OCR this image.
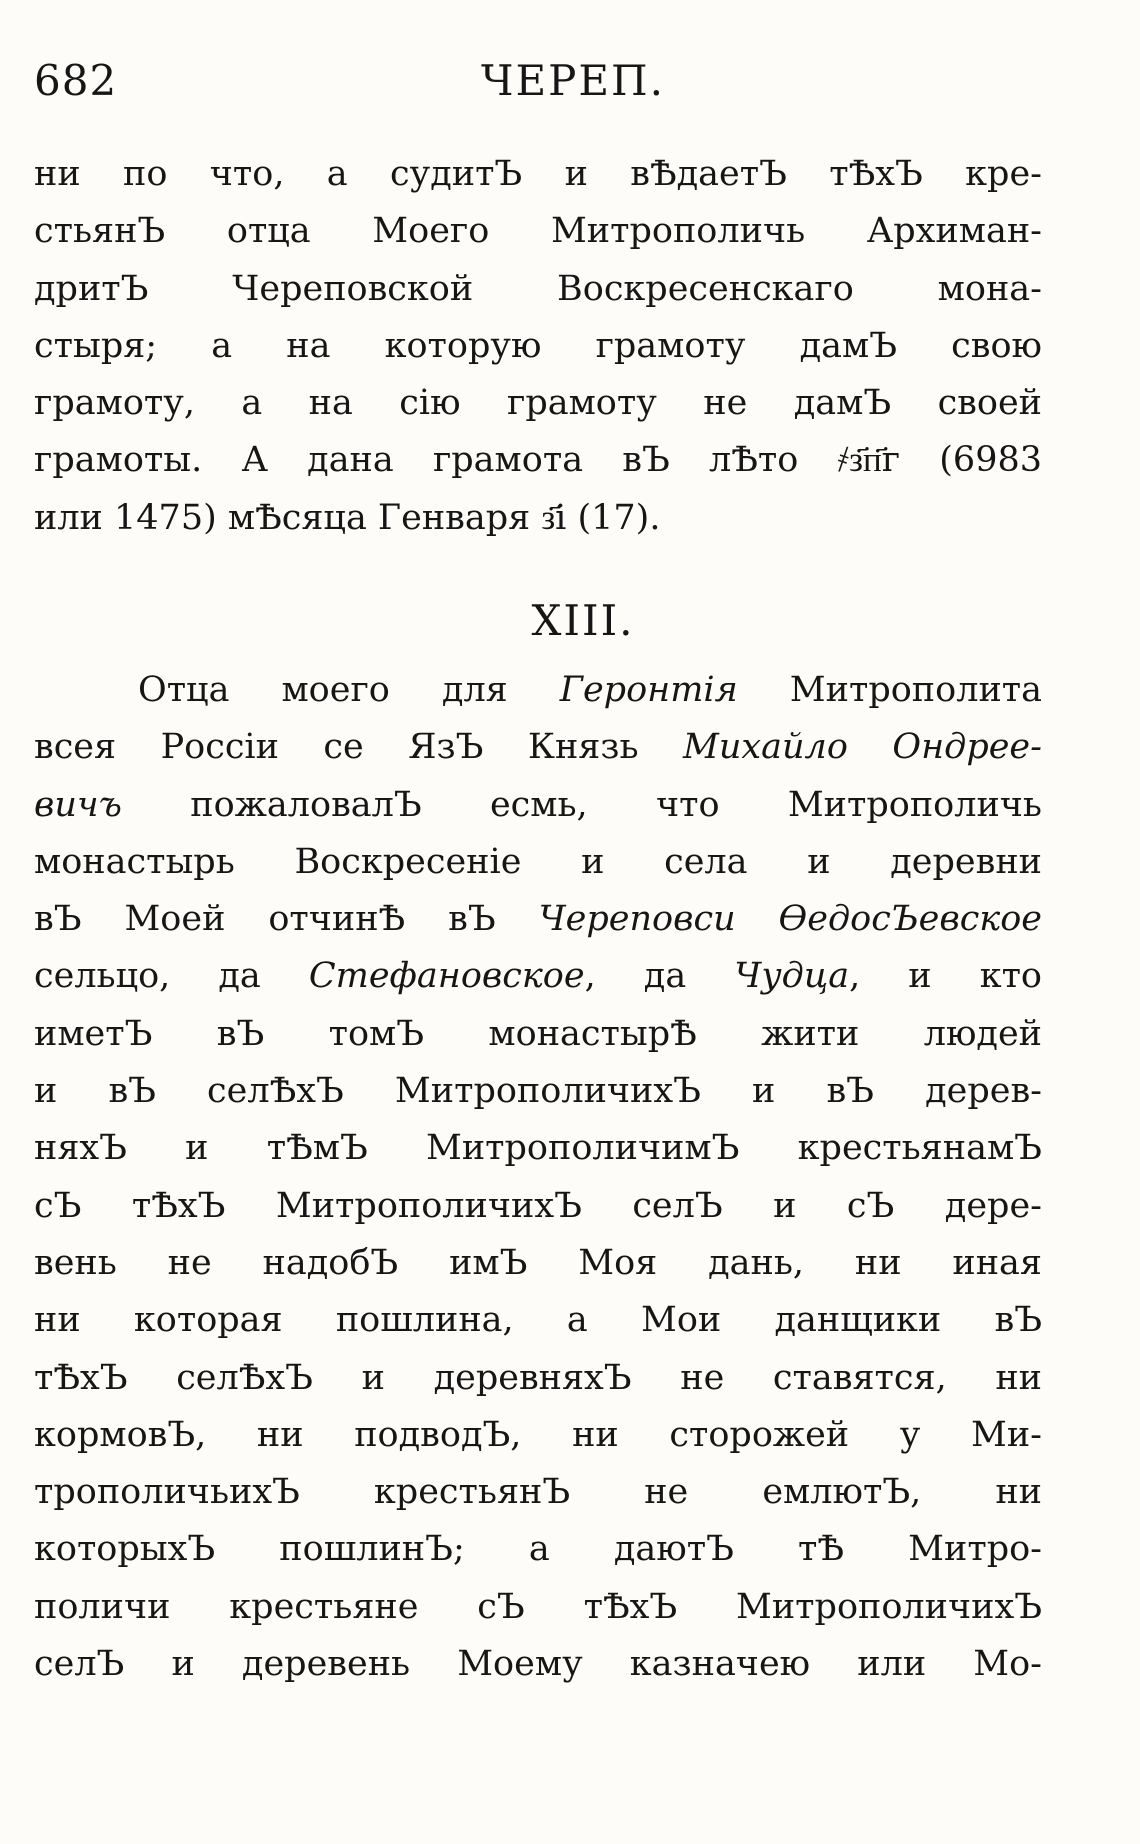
682	ЧЕРЕП.
ни по что, а судитЪ и вѢдаетЪ тѢхЪ кре-
стьянЪ отца Моего Митрополичь Архиман-
дритЪ Череповской Воскресенскаго мона-
стыря; а на которую грамоту дамЪ свою
грамоту, а на сію грамоту не дамЪ своей
грамоты. А дана грамота вЪ лѢто ҂з҃п҃г (6983
или 1475) мѢсяца Генваря з҃і (17).
XIII.
Отца моего для Геронтія Митрополита
всея Россіи се ЯзЪ Князь Михайло Ондрее-
вичъ пожаловалЪ есмь, что Митрополичь
монастырь Воскресеніе и села и деревни
вЪ Моей отчинѢ вЪ Череповси ѲедосЪевское
сельцо, да Стефановское, да Чудца, и кто
иметЪ вЪ томЪ монастырѢ жити людей
и вЪ селѢхЪ МитрополичихЪ и вЪ дерев-
няхЪ и тѢмЪ МитрополичимЪ крестьянамЪ
сЪ тѢхЪ МитрополичихЪ селЪ и сЪ дере-
вень не надобЪ имЪ Моя дань, ни иная
ни которая пошлина, а Мои данщики вЪ
тѢхЪ селѢхЪ и деревняхЪ не ставятся, ни
кормовЪ, ни подводЪ, ни сторожей у Ми-
трополичьихЪ крестьянЪ не емлютЪ, ни
которыхЪ пошлинЪ; а даютЪ тѢ Митро-
поличи крестьяне сЪ тѢхЪ МитрополичихЪ
селЪ и деревень Моему казначею или Мо-
